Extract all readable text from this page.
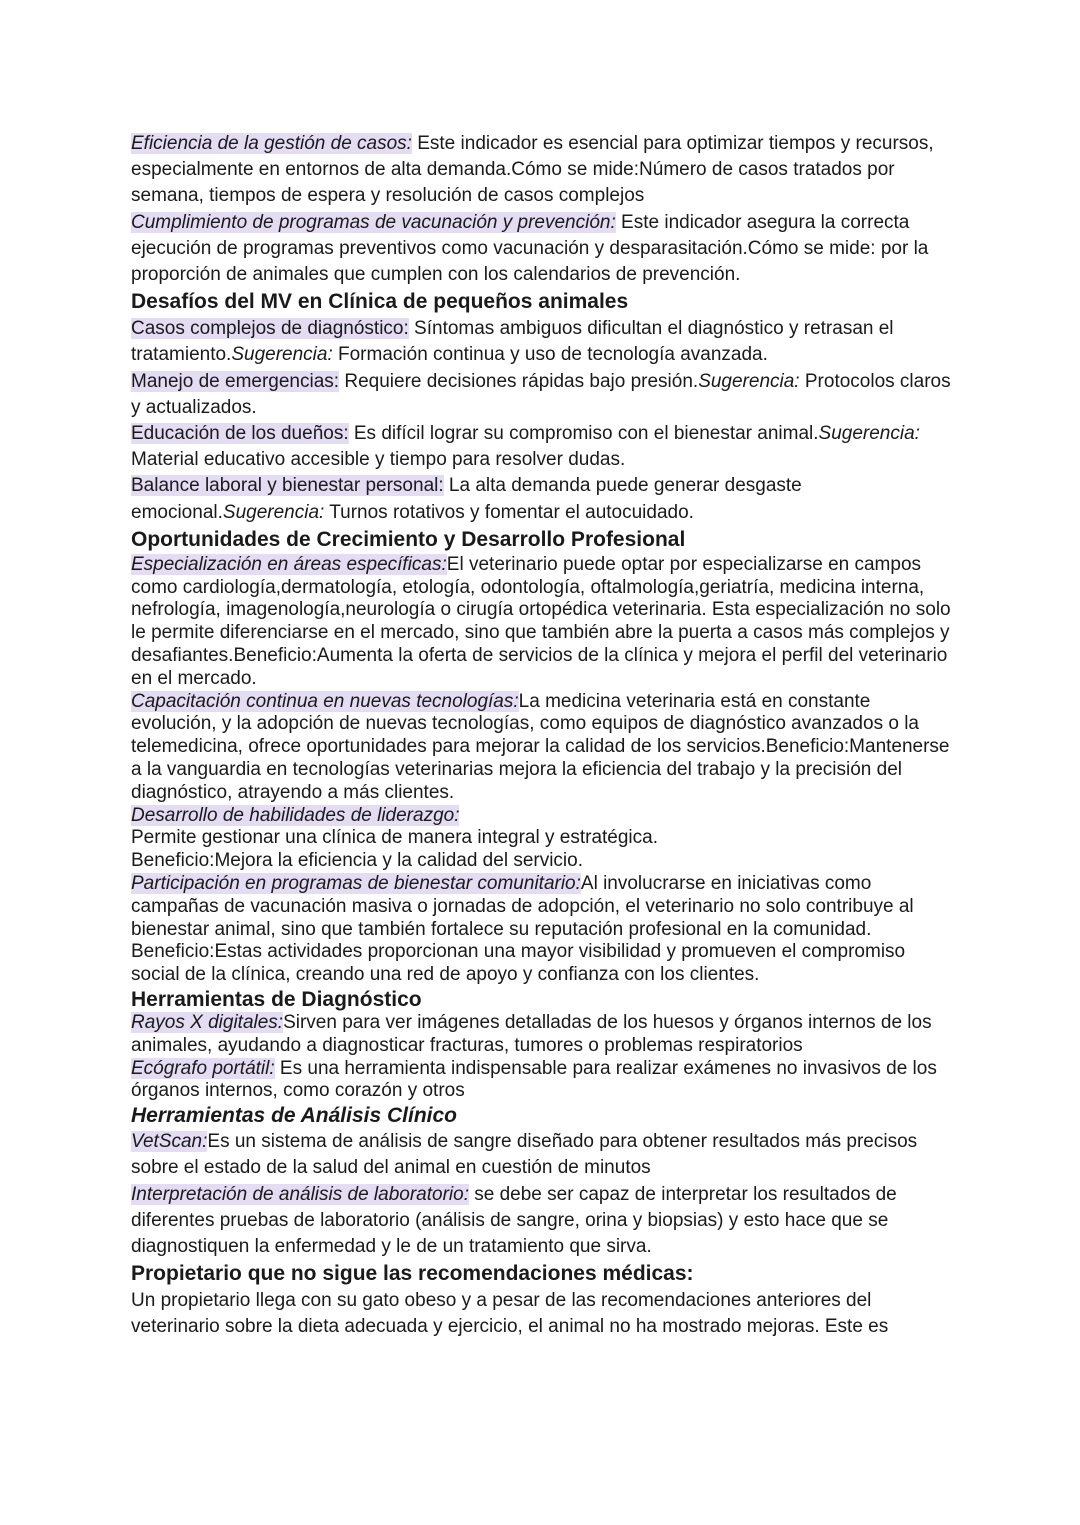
Eficiencia de la gestión de casos: Este indicador es esencial para optimizar tiempos y recursos, especialmente en entornos de alta demanda.Cómo se mide:Número de casos tratados por semana, tiempos de espera y resolución de casos complejos

Cumplimiento de programas de vacunación y prevención: Este indicador asegura la correcta ejecución de programas preventivos como vacunación y desparasitación.Cómo se mide: por la proporción de animales que cumplen con los calendarios de prevención.

Desafíos del MV en Clínica de pequeños animales

Casos complejos de diagnóstico: Síntomas ambiguos dificultan el diagnóstico y retrasan el tratamiento.Sugerencia: Formación continua y uso de tecnología avanzada.

Manejo de emergencias: Requiere decisiones rápidas bajo presión.Sugerencia: Protocolos claros y actualizados.

Educación de los dueños: Es difícil lograr su compromiso con el bienestar animal.Sugerencia: Material educativo accesible y tiempo para resolver dudas.

Balance laboral y bienestar personal: La alta demanda puede generar desgaste emocional.Sugerencia: Turnos rotativos y fomentar el autocuidado.

Oportunidades de Crecimiento y Desarrollo Profesional

Especialización en áreas específicas:El veterinario puede optar por especializarse en campos como cardiología,dermatología, etología, odontología, oftalmología,geriatría, medicina interna, nefrología, imagenología,neurología o cirugía ortopédica veterinaria. Esta especialización no solo le permite diferenciarse en el mercado, sino que también abre la puerta a casos más complejos y desafiantes.Beneficio:Aumenta la oferta de servicios de la clínica y mejora el perfil del veterinario en el mercado.

Capacitación continua en nuevas tecnologías:La medicina veterinaria está en constante evolución, y la adopción de nuevas tecnologías, como equipos de diagnóstico avanzados o la telemedicina, ofrece oportunidades para mejorar la calidad de los servicios.Beneficio:Mantenerse a la vanguardia en tecnologías veterinarias mejora la eficiencia del trabajo y la precisión del diagnóstico, atrayendo a más clientes.

Desarrollo de habilidades de liderazgo:
Permite gestionar una clínica de manera integral y estratégica.
Beneficio:Mejora la eficiencia y la calidad del servicio.

Participación en programas de bienestar comunitario:Al involucrarse en iniciativas como campañas de vacunación masiva o jornadas de adopción, el veterinario no solo contribuye al bienestar animal, sino que también fortalece su reputación profesional en la comunidad. Beneficio:Estas actividades proporcionan una mayor visibilidad y promueven el compromiso social de la clínica, creando una red de apoyo y confianza con los clientes.

Herramientas de Diagnóstico

Rayos X digitales:Sirven para ver imágenes detalladas de los huesos y órganos internos de los animales, ayudando a diagnosticar fracturas, tumores o problemas respiratorios

Ecógrafo portátil: Es una herramienta indispensable para realizar exámenes no invasivos de los órganos internos, como corazón y otros

Herramientas de Análisis Clínico

VetScan:Es un sistema de análisis de sangre diseñado para obtener resultados más precisos sobre el estado de la salud del animal en cuestión de minutos

Interpretación de análisis de laboratorio: se debe ser capaz de interpretar los resultados de diferentes pruebas de laboratorio (análisis de sangre, orina y biopsias) y esto hace que se diagnostiquen la enfermedad y le de un tratamiento que sirva.

Propietario que no sigue las recomendaciones médicas:

Un propietario llega con su gato obeso y a pesar de las recomendaciones anteriores del veterinario sobre la dieta adecuada y ejercicio, el animal no ha mostrado mejoras. Este es
